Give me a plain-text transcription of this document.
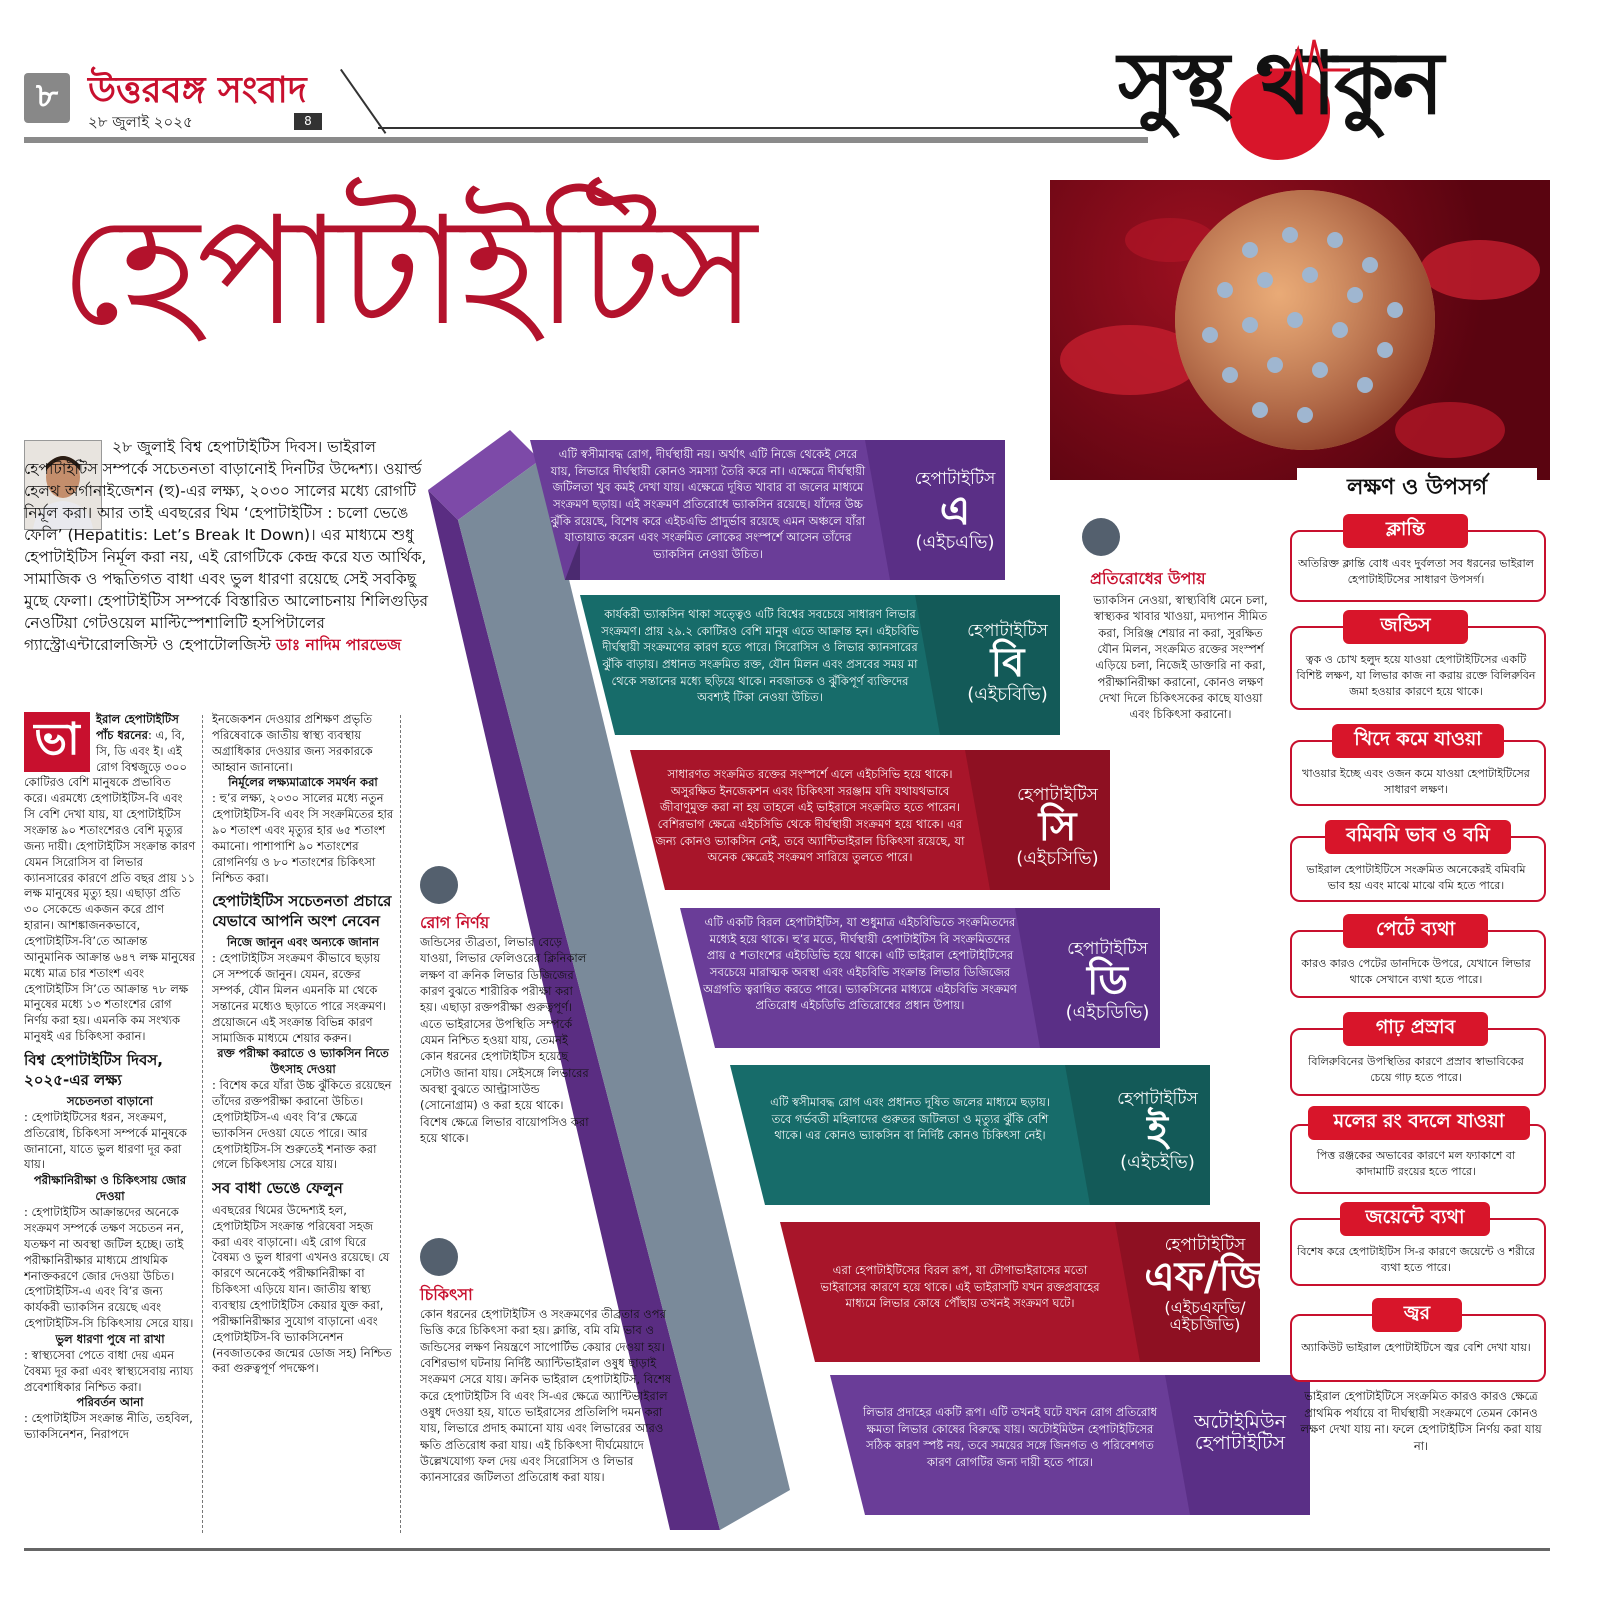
৮ উত্তরবঙ্গ সংবাদ
২৮ জুলাই ২০২৫	8	সুস্থ থাকুন
হেপাটাইটিস
লক্ষণ ও উপসর্গ
২৮ জুলাই বিশ্ব হেপাটাইটিস দিবস। ভাইরাল হেপাটাইটিস সম্পর্কে সচেতনতা বাড়ানোই দিনটির উদ্দেশ্য। ওয়ার্ল্ড হেলথ অর্গানাইজেশন (হু)-এর লক্ষ্য, ২০৩০ সালের মধ্যে রোগটি নির্মূল করা। আর তাই এবছরের থিম ‘হেপাটাইটিস : চলো ভেঙে ফেলি’ (Hepatitis: Let’s Break It Down)। এর মাধ্যমে শুধু হেপাটাইটিস নির্মূল করা নয়, এই রোগটিকে কেন্দ্র করে যত আর্থিক, সামাজিক ও পদ্ধতিগত বাধা এবং ভুল ধারণা রয়েছে সেই সবকিছু মুছে ফেলা। হেপাটাইটিস সম্পর্কে বিস্তারিত আলোচনায় শিলিগুড়ির নেওটিয়া গেটওয়েল মাল্টিস্পেশালিটি হসপিটালের গ্যাস্ট্রোএন্টারোলজিস্ট ও হেপাটোলজিস্ট ডাঃ নাদিম পারভেজ
ভা	ইরাল হেপাটাইটিস পাঁচ ধরনের: এ, বি, সি, ডি এবং ই। এই রোগ বিশ্বজুড়ে ৩০০ কোটিরও বেশি মানুষকে প্রভাবিত করে। এরমধ্যে হেপাটাইটিস-বি এবং সি বেশি দেখা যায়, যা হেপাটাইটিস সংক্রান্ত ৯০ শতাংশেরও বেশি মৃত্যুর জন্য দায়ী। হেপাটাইটিস সংক্রান্ত কারণ যেমন সিরোসিস বা লিভার ক্যানসারের কারণে প্রতি বছর প্রায় ১১ লক্ষ মানুষের মৃত্যু হয়। এছাড়া প্রতি ৩০ সেকেন্ডে একজন করে প্রাণ হারান। আশঙ্কাজনকভাবে, হেপাটাইটিস-বি’তে আক্রান্ত আনুমানিক আক্রান্ত ৬৪৭ লক্ষ মানুষের মধ্যে মাত্র চার শতাংশ এবং হেপাটাইটিস সি’তে আক্রান্ত ৭৮ লক্ষ মানুষের মধ্যে ১৩ শতাংশের রোগ নির্ণয় করা হয়। এমনকি কম সংখ্যক মানুষই এর চিকিৎসা করান।
বিশ্ব হেপাটাইটিস দিবস, ২০২৫-এর লক্ষ্য
সচেতনতা বাড়ানো
: হেপাটাইটিসের ধরন, সংক্রমণ, প্রতিরোধ, চিকিৎসা সম্পর্কে মানুষকে জানানো, যাতে ভুল ধারণা দূর করা যায়।
পরীক্ষানিরীক্ষা ও চিকিৎসায় জোর দেওয়া
: হেপাটাইটিস আক্রান্তদের অনেকে সংক্রমণ সম্পর্কে তক্ষণ সচেতন নন, যতক্ষণ না অবস্থা জটিল হচ্ছে। তাই পরীক্ষানিরীক্ষার মাধ্যমে প্রাথমিক শনাক্তকরণে জোর দেওয়া উচিত। হেপাটাইটিস-এ এবং বি’র জন্য কার্যকরী ভ্যাকসিন রয়েছে এবং হেপাটাইটিস-সি চিকিৎসায় সেরে যায়।
ভুল ধারণা পুষে না রাখা
: স্বাস্থ্যসেবা পেতে বাধা দেয় এমন বৈষম্য দূর করা এবং স্বাস্থ্যসেবায় ন্যায্য প্রবেশাধিকার নিশ্চিত করা।
পরিবর্তন আনা
: হেপাটাইটিস সংক্রান্ত নীতি, তহবিল, ভ্যাকসিনেশন, নিরাপদে
ইনজেকশন দেওয়ার প্রশিক্ষণ প্রভৃতি পরিষেবাকে জাতীয় স্বাস্থ্য ব্যবস্থায় অগ্রাধিকার দেওয়ার জন্য সরকারকে আহ্বান জানানো।
নির্মূলের লক্ষ্যমাত্রাকে সমর্থন করা
: হু’র লক্ষ্য, ২০৩০ সালের মধ্যে নতুন হেপাটাইটিস-বি এবং সি সংক্রমিতের হার ৯০ শতাংশ এবং মৃত্যুর হার ৬৫ শতাংশ কমানো। পাশাপাশি ৯০ শতাংশের রোগনির্ণয় ও ৮০ শতাংশের চিকিৎসা নিশ্চিত করা।
হেপাটাইটিস সচেতনতা প্রচারে যেভাবে আপনি অংশ নেবেন
নিজে জানুন এবং অন্যকে জানান
: হেপাটাইটিস সংক্রমণ কীভাবে ছড়ায় সে সম্পর্কে জানুন। যেমন, রক্তের সম্পর্ক, যৌন মিলন এমনকি মা থেকে সন্তানের মধ্যেও ছড়াতে পারে সংক্রমণ। প্রয়োজনে এই সংক্রান্ত বিভিন্ন কারণ সামাজিক মাধ্যমে শেয়ার করুন।
রক্ত পরীক্ষা করাতে ও ভ্যাকসিন নিতে উৎসাহ দেওয়া
: বিশেষ করে যাঁরা উচ্চ ঝুঁকিতে রয়েছেন তাঁদের রক্তপরীক্ষা করানো উচিত। হেপাটাইটিস-এ এবং বি’র ক্ষেত্রে ভ্যাকসিন দেওয়া যেতে পারে। আর হেপাটাইটিস-সি শুরুতেই শনাক্ত করা গেলে চিকিৎসায় সেরে যায়।
সব বাধা ভেঙে ফেলুন
এবছরের থিমের উদ্দেশ্যই হল, হেপাটাইটিস সংক্রান্ত পরিষেবা সহজ করা এবং বাড়ানো। এই রোগ ঘিরে বৈষম্য ও ভুল ধারণা এখনও রয়েছে। যে কারণে অনেকেই পরীক্ষানিরীক্ষা বা চিকিৎসা এড়িয়ে যান। জাতীয় স্বাস্থ্য ব্যবস্থায় হেপাটাইটিস কেয়ার যুক্ত করা, পরীক্ষানিরীক্ষার সুযোগ বাড়ানো এবং হেপাটাইটিস-বি ভ্যাকসিনেশন (নবজাতকের জন্মের ডোজ সহ) নিশ্চিত করা গুরুত্বপূর্ণ পদক্ষেপ।
এটি স্বসীমাবদ্ধ রোগ, দীর্ঘস্থায়ী নয়। অর্থাৎ এটি নিজে থেকেই সেরে যায়, লিভারে দীর্ঘস্থায়ী কোনও সমস্যা তৈরি করে না। এক্ষেত্রে দীর্ঘস্থায়ী জটিলতা খুব কমই দেখা যায়। এক্ষেত্রে দূষিত খাবার বা জলের মাধ্যমে সংক্রমণ ছড়ায়। এই সংক্রমণ প্রতিরোধে ভ্যাকসিন রয়েছে। যাঁদের উচ্চ ঝুঁকি রয়েছে, বিশেষ করে এইচএভি প্রাদুর্ভাব রয়েছে এমন অঞ্চলে যাঁরা যাতায়াত করেন এবং সংক্রমিত লোকের সংস্পর্শে আসেন তাঁদের ভ্যাকসিন নেওয়া উচিত।
হেপাটাইটিস
এ
(এইচএভি)
কার্যকরী ভ্যাকসিন থাকা সত্ত্বেও এটি বিশ্বের সবচেয়ে সাধারণ লিভার সংক্রমণ। প্রায় ২৯.২ কোটিরও বেশি মানুষ এতে আক্রান্ত হন। এইচবিভি দীর্ঘস্থায়ী সংক্রমণের কারণ হতে পারে। সিরোসিস ও লিভার ক্যানসারের ঝুঁকি বাড়ায়। প্রধানত সংক্রমিত রক্ত, যৌন মিলন এবং প্রসবের সময় মা থেকে সন্তানের মধ্যে ছড়িয়ে থাকে। নবজাতক ও ঝুঁকিপূর্ণ ব্যক্তিদের অবশ্যই টিকা নেওয়া উচিত।
হেপাটাইটিস
বি
(এইচবিভি)
সাধারণত সংক্রমিত রক্তের সংস্পর্শে এলে এইচসিভি হয়ে থাকে। অসুরক্ষিত ইনজেকশন এবং চিকিৎসা সরঞ্জাম যদি যথাযথভাবে জীবাণুমুক্ত করা না হয় তাহলে এই ভাইরাসে সংক্রমিত হতে পারেন। বেশিরভাগ ক্ষেত্রে এইচসিভি থেকে দীর্ঘস্থায়ী সংক্রমণ হয়ে থাকে। এর জন্য কোনও ভ্যাকসিন নেই, তবে অ্যান্টিভাইরাল চিকিৎসা রয়েছে, যা অনেক ক্ষেত্রেই সংক্রমণ সারিয়ে তুলতে পারে।
হেপাটাইটিস
সি
(এইচসিভি)
এটি একটি বিরল হেপাটাইটিস, যা শুধুমাত্র এইচবিভিতে সংক্রমিতদের মধ্যেই হয়ে থাকে। হু’র মতে, দীর্ঘস্থায়ী হেপাটাইটিস বি সংক্রমিতদের প্রায় ৫ শতাংশের এইচডিভি হয়ে থাকে। এটি ভাইরাল হেপাটাইটিসের সবচেয়ে মারাত্মক অবস্থা এবং এইচবিভি সংক্রান্ত লিভার ডিজিজের অগ্রগতি ত্বরান্বিত করতে পারে। ভ্যাকসিনের মাধ্যমে এইচবিভি সংক্রমণ প্রতিরোধ এইচডিভি প্রতিরোধের প্রধান উপায়।
হেপাটাইটিস
ডি
(এইচডিভি)
এটি স্বসীমাবদ্ধ রোগ এবং প্রধানত দূষিত জলের মাধ্যমে ছড়ায়। তবে গর্ভবতী মহিলাদের গুরুতর জটিলতা ও মৃত্যুর ঝুঁকি বেশি থাকে। এর কোনও ভ্যাকসিন বা নির্দিষ্ট কোনও চিকিৎসা নেই।
হেপাটাইটিস
ই
(এইচইভি)
এরা হেপাটাইটিসের বিরল রূপ, যা টোগাভাইরাসের মতো ভাইরাসের কারণে হয়ে থাকে। এই ভাইরাসটি যখন রক্তপ্রবাহের মাধ্যমে লিভার কোষে পৌঁছায় তখনই সংক্রমণ ঘটে।
হেপাটাইটিস
এফ/জি
(এইচএফভি/ এইচজিভি)
লিভার প্রদাহের একটি রূপ। এটি তখনই ঘটে যখন রোগ প্রতিরোধ ক্ষমতা লিভার কোষের বিরুদ্ধে যায়। অটোইমিউন হেপাটাইটিসের সঠিক কারণ স্পষ্ট নয়, তবে সময়ের সঙ্গে জিনগত ও পরিবেশগত কারণ রোগটির জন্য দায়ী হতে পারে।
অটোইমিউন
হেপাটাইটিস
রোগ নির্ণয়
জন্ডিসের তীব্রতা, লিভার বেড়ে যাওয়া, লিভার ফেলিওরের ক্লিনিকাল লক্ষণ বা ক্রনিক লিভার ডিজিজের কারণ বুঝতে শারীরিক পরীক্ষা করা হয়। এছাড়া রক্তপরীক্ষা গুরুত্বপূর্ণ। এতে ভাইরাসের উপস্থিতি সম্পর্কে যেমন নিশ্চিত হওয়া যায়, তেমনই কোন ধরনের হেপাটাইটিস হয়েছে সেটাও জানা যায়। সেইসঙ্গে লিভারের অবস্থা বুঝতে আল্ট্রাসাউন্ড (সোনোগ্রাম) ও করা হয়ে থাকে। বিশেষ ক্ষেত্রে লিভার বায়োপসিও করা হয়ে থাকে।
চিকিৎসা
কোন ধরনের হেপাটাইটিস ও সংক্রমণের তীব্রতার ওপর ভিত্তি করে চিকিৎসা করা হয়। ক্লান্তি, বমি বমি ভাব ও জন্ডিসের লক্ষণ নিয়ন্ত্রণে সাপোর্টিভ কেয়ার দেওয়া হয়। বেশিরভাগ ঘটনায় নির্দিষ্ট অ্যান্টিভাইরাল ওষুধ ছাড়াই সংক্রমণ সেরে যায়। ক্রনিক ভাইরাল হেপাটাইটিস, বিশেষ করে হেপাটাইটিস বি এবং সি-এর ক্ষেত্রে অ্যান্টিভাইরাল ওষুধ দেওয়া হয়, যাতে ভাইরাসের প্রতিলিপি দমন করা যায়, লিভারে প্রদাহ কমানো যায় এবং লিভারের আরও ক্ষতি প্রতিরোধ করা যায়। এই চিকিৎসা দীর্ঘমেয়াদে উল্লেখযোগ্য ফল দেয় এবং সিরোসিস ও লিভার ক্যানসারের জটিলতা প্রতিরোধ করা যায়।
প্রতিরোধের উপায়
ভ্যাকসিন নেওয়া, স্বাস্থ্যবিধি মেনে চলা, স্বাস্থ্যকর খাবার খাওয়া, মদ্যপান সীমিত করা, সিরিঞ্জ শেয়ার না করা, সুরক্ষিত যৌন মিলন, সংক্রমিত রক্তের সংস্পর্শ এড়িয়ে চলা, নিজেই ডাক্তারি না করা, পরীক্ষানিরীক্ষা করানো, কোনও লক্ষণ দেখা দিলে চিকিৎসকের কাছে যাওয়া এবং চিকিৎসা করানো।
ক্লান্তি
অতিরিক্ত ক্লান্তি বোধ এবং দুর্বলতা সব ধরনের ভাইরাল হেপাটাইটিসের সাধারণ উপসর্গ।
জন্ডিস
ত্বক ও চোখ হলুদ হয়ে যাওয়া হেপাটাইটিসের একটি বিশিষ্ট লক্ষণ, যা লিভার কাজ না করায় রক্তে বিলিরুবিন জমা হওয়ার কারণে হয়ে থাকে।
খিদে কমে যাওয়া
খাওয়ার ইচ্ছে এবং ওজন কমে যাওয়া হেপাটাইটিসের সাধারণ লক্ষণ।
বমিবমি ভাব ও বমি
ভাইরাল হেপাটাইটিসে সংক্রমিত অনেকেরই বমিবমি ভাব হয় এবং মাঝে মাঝে বমি হতে পারে।
পেটে ব্যথা
কারও কারও পেটের ডানদিকে উপরে, যেখানে লিভার থাকে সেখানে ব্যথা হতে পারে।
গাঢ় প্রস্রাব
বিলিরুবিনের উপস্থিতির কারণে প্রস্রাব স্বাভাবিকের চেয়ে গাঢ় হতে পারে।
মলের রং বদলে যাওয়া
পিত্ত রঞ্জকের অভাবের কারণে মল ফ্যাকাশে বা কাদামাটি রংয়ের হতে পারে।
জয়েন্টে ব্যথা
বিশেষ করে হেপাটাইটিস সি-র কারণে জয়েন্টে ও শরীরে ব্যথা হতে পারে।
জ্বর
অ্যাকিউট ভাইরাল হেপাটাইটিসে জ্বর বেশি দেখা যায়।
ভাইরাল হেপাটাইটিসে সংক্রমিত কারও কারও ক্ষেত্রে প্রাথমিক পর্যায়ে বা দীর্ঘস্থায়ী সংক্রমণে তেমন কোনও লক্ষণ দেখা যায় না। ফলে হেপাটাইটিস নির্ণয় করা যায় না।
